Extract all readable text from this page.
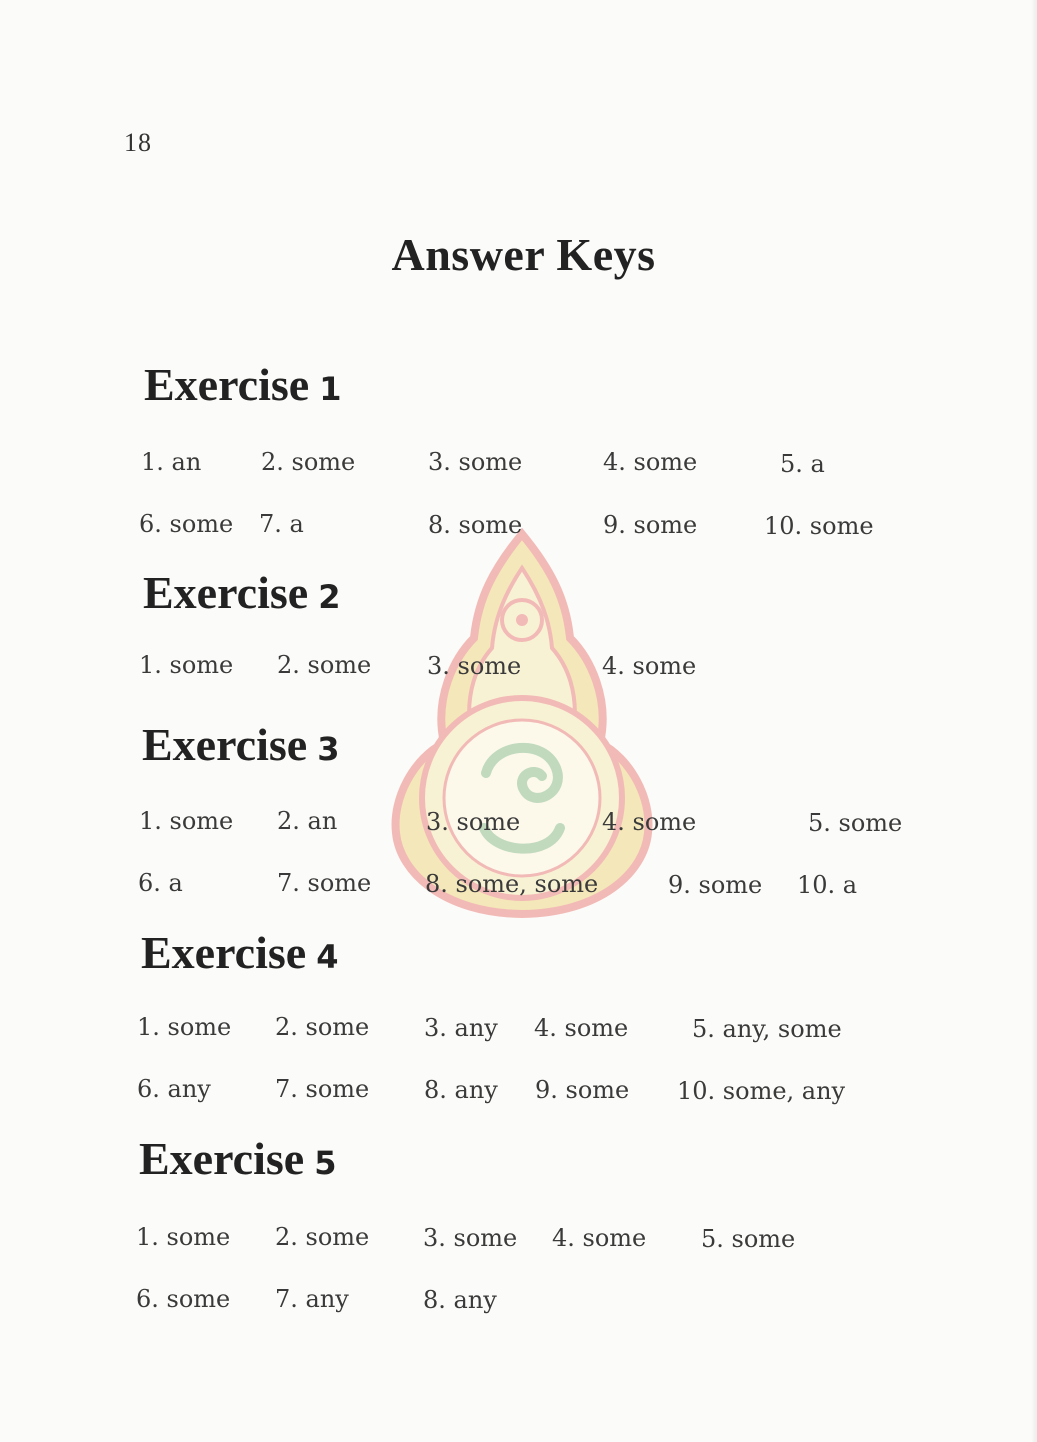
18
Answer Keys
Exercise 1
1. an 2. some	3. some	4. some	5. a
6. some 7. a	8. some	9. some	10. some
Exercise 2
1. some 2. some 3. some	4. some
Exercise 3
1. some 2. an	3. some	4. some	5. some
6. a	7. some 8. some, some	9. some 10. a
Exercise 4
1. some 2. some 3. any 4. some	5. any, some
6. any	7. some 8. any 9. some 10. some, any
Exercise 5
1. some 2. some 3. some 4. some 5. some
6. some 7. any	8. any
